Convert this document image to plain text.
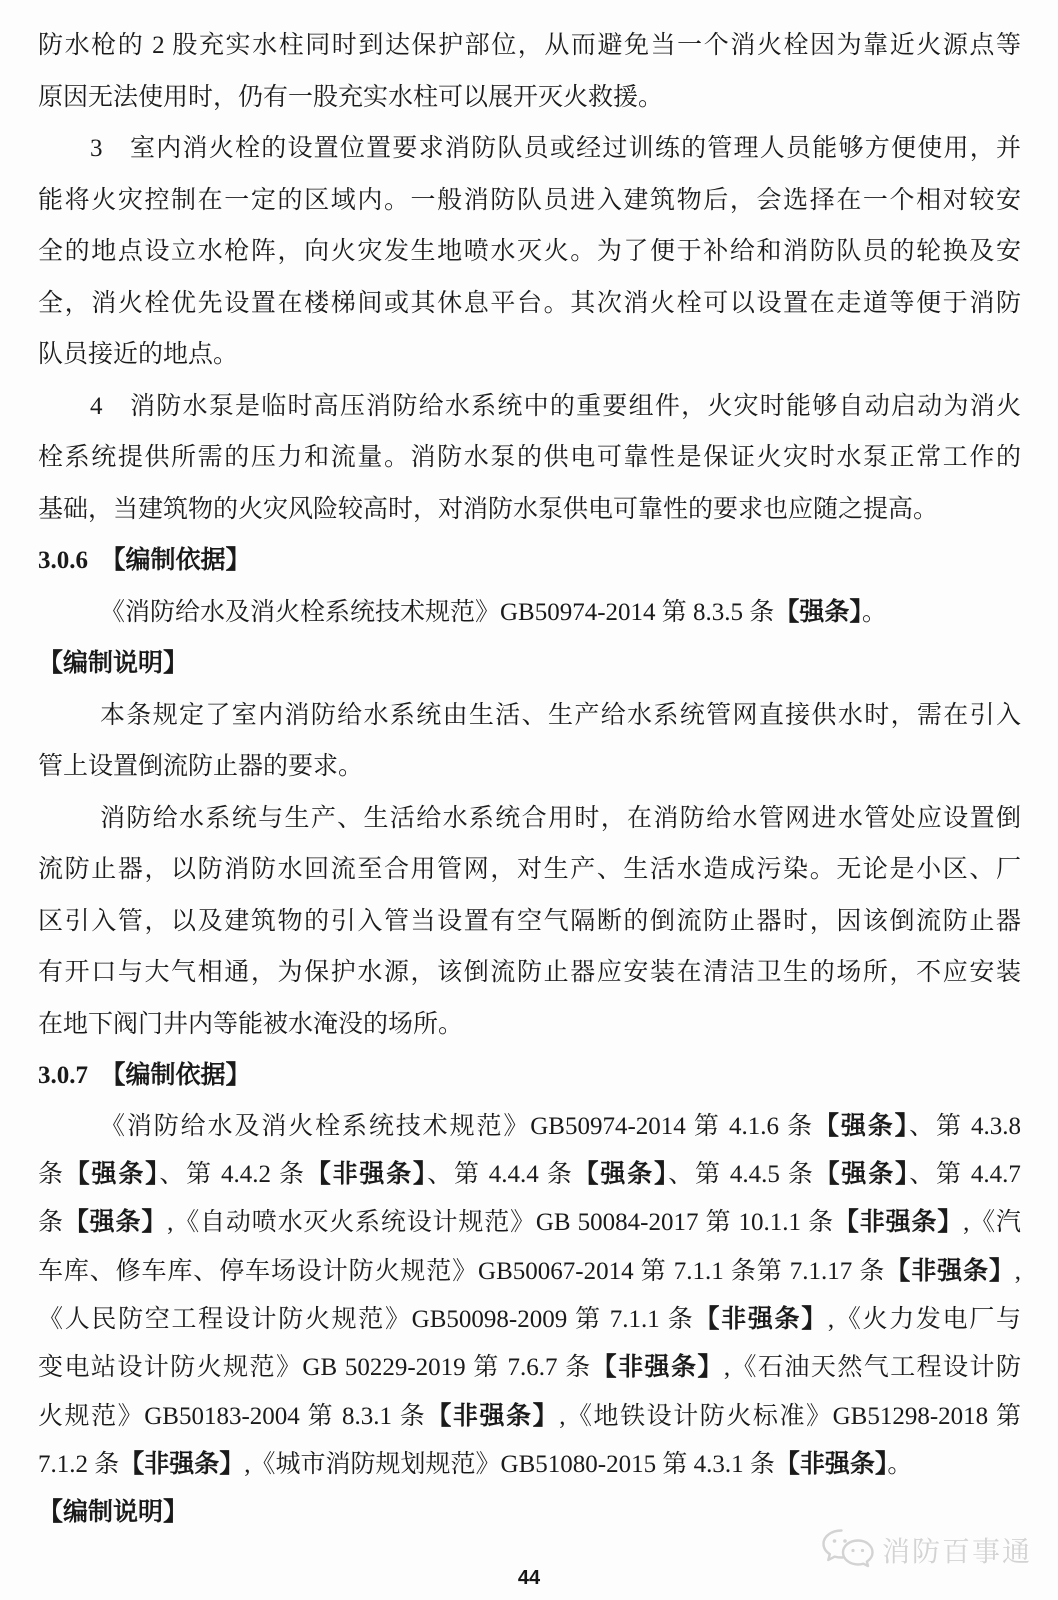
防水枪的 2 股充实水柱同时到达保护部位，从而避免当一个消火栓因为靠近火源点等
原因无法使用时，仍有一股充实水柱可以展开灭火救援。
3　室内消火栓的设置位置要求消防队员或经过训练的管理人员能够方便使用，并
能将火灾控制在一定的区域内。一般消防队员进入建筑物后，会选择在一个相对较安
全的地点设立水枪阵，向火灾发生地喷水灭火。为了便于补给和消防队员的轮换及安
全，消火栓优先设置在楼梯间或其休息平台。其次消火栓可以设置在走道等便于消防
队员接近的地点。
4　消防水泵是临时高压消防给水系统中的重要组件，火灾时能够自动启动为消火
栓系统提供所需的压力和流量。消防水泵的供电可靠性是保证火灾时水泵正常工作的
基础，当建筑物的火灾风险较高时，对消防水泵供电可靠性的要求也应随之提高。
3.0.6　【编制依据】
《消防给水及消火栓系统技术规范》GB50974-2014 第 8.3.5 条【强条】。
【编制说明】
本条规定了室内消防给水系统由生活、生产给水系统管网直接供水时，需在引入
管上设置倒流防止器的要求。
消防给水系统与生产、生活给水系统合用时，在消防给水管网进水管处应设置倒
流防止器，以防消防水回流至合用管网，对生产、生活水造成污染。无论是小区、厂
区引入管，以及建筑物的引入管当设置有空气隔断的倒流防止器时，因该倒流防止器
有开口与大气相通，为保护水源，该倒流防止器应安装在清洁卫生的场所，不应安装
在地下阀门井内等能被水淹没的场所。
3.0.7　【编制依据】
《消防给水及消火栓系统技术规范》GB50974-2014 第 4.1.6 条【强条】、第 4.3.8
条【强条】、第 4.4.2 条【非强条】、第 4.4.4 条【强条】、第 4.4.5 条【强条】、第 4.4.7
条【强条】,《自动喷水灭火系统设计规范》GB 50084-2017 第 10.1.1 条【非强条】,《汽
车库、修车库、停车场设计防火规范》GB50067-2014 第 7.1.1 条第 7.1.17 条【非强条】,
《人民防空工程设计防火规范》GB50098-2009 第 7.1.1 条【非强条】,《火力发电厂与
变电站设计防火规范》GB 50229-2019 第 7.6.7 条【非强条】,《石油天然气工程设计防
火规范》GB50183-2004 第 8.3.1 条【非强条】,《地铁设计防火标准》GB51298-2018 第
7.1.2 条【非强条】,《城市消防规划规范》GB51080-2015 第 4.3.1 条【非强条】。
【编制说明】
消防百事通
44
